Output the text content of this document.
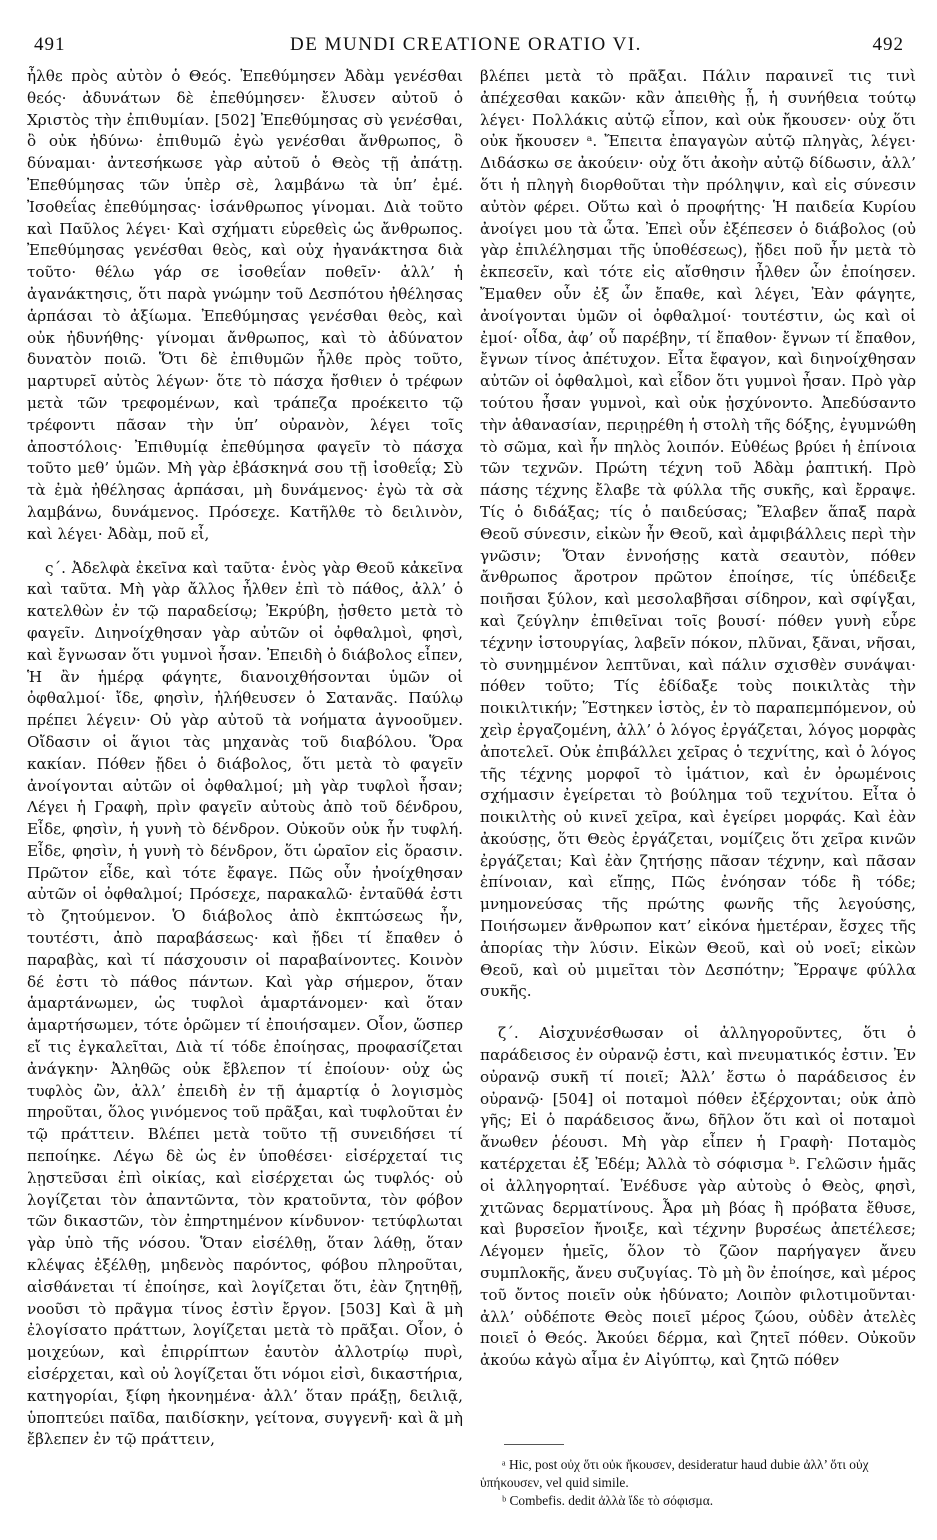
491	DE MUNDI CREATIONE ORATIO VI.	492

ἦλθε πρὸς αὐτὸν ὁ Θεός. Ἐπεθύμησεν Ἀδὰμ γενέσθαι θεός· ἀδυνάτων δὲ ἐπεθύμησεν· ἔλυσεν αὐτοῦ ὁ Χριστὸς τὴν ἐπιθυμίαν. [502] Ἐπεθύμησας σὺ γενέσθαι, ὃ οὐκ ἠδύνω· ἐπιθυμῶ ἐγὼ γενέσθαι ἄνθρωπος, ὃ δύναμαι· ἀντεσήκωσε γὰρ αὐτοῦ ὁ Θεὸς τῇ ἀπάτῃ. Ἐπεθύμησας τῶν ὑπὲρ σὲ, λαμβάνω τὰ ὑπ’ ἐμέ. Ἰσοθεΐας ἐπεθύμησας· ἰσάνθρωπος γίνομαι. Διὰ τοῦτο καὶ Παῦλος λέγει· Καὶ σχήματι εὑρεθεὶς ὡς ἄνθρωπος. Ἐπεθύμησας γενέσθαι θεὸς, καὶ οὐχ ἠγανάκτησα διὰ τοῦτο· θέλω γάρ σε ἰσοθεΐαν ποθεῖν· ἀλλ’ ἡ ἀγανάκτησις, ὅτι παρὰ γνώμην τοῦ Δεσπότου ἠθέλησας ἁρπάσαι τὸ ἀξίωμα. Ἐπεθύμησας γενέσθαι θεὸς, καὶ οὐκ ἠδυνήθης· γίνομαι ἄνθρωπος, καὶ τὸ ἀδύνατον δυνατὸν ποιῶ. Ὅτι δὲ ἐπιθυμῶν ἦλθε πρὸς τοῦτο, μαρτυρεῖ αὐτὸς λέγων· ὅτε τὸ πάσχα ἤσθιεν ὁ τρέφων μετὰ τῶν τρεφομένων, καὶ τράπεζα προέκειτο τῷ τρέφοντι πᾶσαν τὴν ὑπ’ οὐρανὸν, λέγει τοῖς ἀποστόλοις· Ἐπιθυμίᾳ ἐπεθύμησα φαγεῖν τὸ πάσχα τοῦτο μεθ’ ὑμῶν. Μὴ γὰρ ἐβάσκηνά σου τῇ ἰσοθεΐᾳ; Σὺ τὰ ἐμὰ ἠθέλησας ἁρπάσαι, μὴ δυνάμενος· ἐγὼ τὰ σὰ λαμβάνω, δυνάμενος. Πρόσεχε. Κατῆλθε τὸ δειλινὸν, καὶ λέγει· Ἀδὰμ, ποῦ εἶ,

ς΄. Ἀδελφὰ ἐκεῖνα καὶ ταῦτα· ἑνὸς γὰρ Θεοῦ κἀκεῖνα καὶ ταῦτα. Μὴ γὰρ ἄλλος ἦλθεν ἐπὶ τὸ πάθος, ἀλλ’ ὁ κατελθὼν ἐν τῷ παραδείσῳ; Ἐκρύβη, ᾐσθετο μετὰ τὸ φαγεῖν. Διηνοίχθησαν γὰρ αὐτῶν οἱ ὀφθαλμοὶ, φησὶ, καὶ ἔγνωσαν ὅτι γυμνοὶ ἦσαν. Ἐπειδὴ ὁ διάβολος εἶπεν, Ἡ ἂν ἡμέρᾳ φάγητε, διανοιχθήσονται ὑμῶν οἱ ὀφθαλμοί· ἴδε, φησὶν, ἠλήθευσεν ὁ Σατανᾶς. Παύλῳ πρέπει λέγειν· Οὐ γὰρ αὐτοῦ τὰ νοήματα ἀγνοοῦμεν. Οἴδασιν οἱ ἅγιοι τὰς μηχανὰς τοῦ διαβόλου. Ὅρα κακίαν. Πόθεν ᾔδει ὁ διάβολος, ὅτι μετὰ τὸ φαγεῖν ἀνοίγονται αὐτῶν οἱ ὀφθαλμοί; μὴ γὰρ τυφλοὶ ἦσαν; Λέγει ἡ Γραφὴ, πρὶν φαγεῖν αὐτοὺς ἀπὸ τοῦ δένδρου, Εἶδε, φησὶν, ἡ γυνὴ τὸ δένδρον. Οὐκοῦν οὐκ ἦν τυφλή. Εἶδε, φησὶν, ἡ γυνὴ τὸ δένδρον, ὅτι ὡραῖον εἰς ὅρασιν. Πρῶτον εἶδε, καὶ τότε ἔφαγε. Πῶς οὖν ἠνοίχθησαν αὐτῶν οἱ ὀφθαλμοί; Πρόσεχε, παρακαλῶ· ἐνταῦθά ἐστι τὸ ζητούμενον. Ὁ διάβολος ἀπὸ ἐκπτώσεως ἦν, τουτέστι, ἀπὸ παραβάσεως· καὶ ᾔδει τί ἔπαθεν ὁ παραβὰς, καὶ τί πάσχουσιν οἱ παραβαίνοντες. Κοινὸν δέ ἐστι τὸ πάθος πάντων. Καὶ γὰρ σήμερον, ὅταν ἁμαρτάνωμεν, ὡς τυφλοὶ ἁμαρτάνομεν· καὶ ὅταν ἁμαρτήσωμεν, τότε ὁρῶμεν τί ἐποιήσαμεν. Οἷον, ὥσπερ εἴ τις ἐγκαλεῖται, Διὰ τί τόδε ἐποίησας, προφασίζεται ἀνάγκην· Ἀληθῶς οὐκ ἔβλεπον τί ἐποίουν· οὐχ ὡς τυφλὸς ὢν, ἀλλ’ ἐπειδὴ ἐν τῇ ἁμαρτίᾳ ὁ λογισμὸς πηροῦται, ὅλος γινόμενος τοῦ πρᾶξαι, καὶ τυφλοῦται ἐν τῷ πράττειν. Βλέπει μετὰ τοῦτο τῇ συνειδήσει τί πεποίηκε. Λέγω δὲ ὡς ἐν ὑποθέσει· εἰσέρχεταί τις λῃστεῦσαι ἐπὶ οἰκίας, καὶ εἰσέρχεται ὡς τυφλός· οὐ λογίζεται τὸν ἀπαντῶντα, τὸν κρατοῦντα, τὸν φόβον τῶν δικαστῶν, τὸν ἐπηρτημένον κίνδυνον· τετύφλωται γὰρ ὑπὸ τῆς νόσου. Ὅταν εἰσέλθῃ, ὅταν λάθῃ, ὅταν κλέψας ἐξέλθῃ, μηδενὸς παρόντος, φόβου πληροῦται, αἰσθάνεται τί ἐποίησε, καὶ λογίζεται ὅτι, ἐὰν ζητηθῇ, νοοῦσι τὸ πρᾶγμα τίνος ἐστὶν ἔργον. [503] Καὶ ἃ μὴ ἐλογίσατο πράττων, λογίζεται μετὰ τὸ πρᾶξαι. Οἷον, ὁ μοιχεύων, καὶ ἐπιρρίπτων ἑαυτὸν ἀλλοτρίῳ πυρὶ, εἰσέρχεται, καὶ οὐ λογίζεται ὅτι νόμοι εἰσὶ, δικαστήρια, κατηγορίαι, ξίφη ἠκονημένα· ἀλλ’ ὅταν πράξῃ, δειλιᾷ, ὑποπτεύει παῖδα, παιδίσκην, γείτονα, συγγενῆ· καὶ ἃ μὴ ἔβλεπεν ἐν τῷ πράττειν,

βλέπει μετὰ τὸ πρᾶξαι. Πάλιν παραινεῖ τις τινὶ ἀπέχεσθαι κακῶν· κἂν ἀπειθὴς ᾖ, ἡ συνήθεια τούτῳ λέγει· Πολλάκις αὐτῷ εἶπον, καὶ οὐκ ἤκουσεν· οὐχ ὅτι οὐκ ἤκουσεν ᵃ. Ἔπειτα ἐπαγαγὼν αὐτῷ πληγὰς, λέγει· Διδάσκω σε ἀκούειν· οὐχ ὅτι ἀκοὴν αὐτῷ δίδωσιν, ἀλλ’ ὅτι ἡ πληγὴ διορθοῦται τὴν πρόληψιν, καὶ εἰς σύνεσιν αὐτὸν φέρει. Οὕτω καὶ ὁ προφήτης· Ἡ παιδεία Κυρίου ἀνοίγει μου τὰ ὦτα. Ἐπεὶ οὖν ἐξέπεσεν ὁ διάβολος (οὐ γὰρ ἐπιλέλησμαι τῆς ὑποθέσεως), ᾔδει ποῦ ἦν μετὰ τὸ ἐκπεσεῖν, καὶ τότε εἰς αἴσθησιν ἦλθεν ὧν ἐποίησεν. Ἔμαθεν οὖν ἐξ ὧν ἔπαθε, καὶ λέγει, Ἐὰν φάγητε, ἀνοίγονται ὑμῶν οἱ ὀφθαλμοί· τουτέστιν, ὡς καὶ οἱ ἐμοί· οἶδα, ἀφ’ οὗ παρέβην, τί ἔπαθον· ἔγνων τί ἔπαθον, ἔγνων τίνος ἀπέτυχον. Εἶτα ἔφαγον, καὶ διηνοίχθησαν αὐτῶν οἱ ὀφθαλμοὶ, καὶ εἶδον ὅτι γυμνοὶ ἦσαν. Πρὸ γὰρ τούτου ἦσαν γυμνοὶ, καὶ οὐκ ᾐσχύνοντο. Ἀπεδύσαντο τὴν ἀθανασίαν, περιῃρέθη ἡ στολὴ τῆς δόξης, ἐγυμνώθη τὸ σῶμα, καὶ ἦν πηλὸς λοιπόν. Εὐθέως βρύει ἡ ἐπίνοια τῶν τεχνῶν. Πρώτη τέχνη τοῦ Ἀδὰμ ῥαπτική. Πρὸ πάσης τέχνης ἔλαβε τὰ φύλλα τῆς συκῆς, καὶ ἔρραψε. Τίς ὁ διδάξας; τίς ὁ παιδεύσας; Ἔλαβεν ἅπαξ παρὰ Θεοῦ σύνεσιν, εἰκὼν ἦν Θεοῦ, καὶ ἀμφιβάλλεις περὶ τὴν γνῶσιν; Ὅταν ἐννοήσῃς κατὰ σεαυτὸν, πόθεν ἄνθρωπος ἄροτρον πρῶτον ἐποίησε, τίς ὑπέδειξε ποιῆσαι ξύλον, καὶ μεσολαβῆσαι σίδηρον, καὶ σφίγξαι, καὶ ζεύγλην ἐπιθεῖναι τοῖς βουσί· πόθεν γυνὴ εὗρε τέχνην ἱστουργίας, λαβεῖν πόκον, πλῦναι, ξᾶναι, νῆσαι, τὸ συνημμένον λεπτῦναι, καὶ πάλιν σχισθὲν συνάψαι· πόθεν τοῦτο; Τίς ἐδίδαξε τοὺς ποικιλτὰς τὴν ποικιλτικήν; Ἕστηκεν ἱστὸς, ἐν τὸ παραπεμπόμενον, οὐ χεὶρ ἐργαζομένη, ἀλλ’ ὁ λόγος ἐργάζεται, λόγος μορφὰς ἀποτελεῖ. Οὐκ ἐπιβάλλει χεῖρας ὁ τεχνίτης, καὶ ὁ λόγος τῆς τέχνης μορφοῖ τὸ ἱμάτιον, καὶ ἐν ὀρωμένοις σχήμασιν ἐγείρεται τὸ βούλημα τοῦ τεχνίτου. Εἶτα ὁ ποικιλτὴς οὐ κινεῖ χεῖρα, καὶ ἐγείρει μορφάς. Καὶ ἐὰν ἀκούσῃς, ὅτι Θεὸς ἐργάζεται, νομίζεις ὅτι χεῖρα κινῶν ἐργάζεται; Καὶ ἐὰν ζητήσῃς πᾶσαν τέχνην, καὶ πᾶσαν ἐπίνοιαν, καὶ εἴπῃς, Πῶς ἐνόησαν τόδε ἢ τόδε; μνημονεύσας τῆς πρώτης φωνῆς τῆς λεγούσης, Ποιήσωμεν ἄνθρωπον κατ’ εἰκόνα ἡμετέραν, ἔσχες τῆς ἀπορίας τὴν λύσιν. Εἰκὼν Θεοῦ, καὶ οὐ νοεῖ; εἰκὼν Θεοῦ, καὶ οὐ μιμεῖται τὸν Δεσπότην; Ἔρραψε φύλλα συκῆς.

ζ΄. Αἰσχυνέσθωσαν οἱ ἀλληγοροῦντες, ὅτι ὁ παράδεισος ἐν οὐρανῷ ἐστι, καὶ πνευματικός ἐστιν. Ἐν οὐρανῷ συκῆ τί ποιεῖ; Ἀλλ’ ἔστω ὁ παράδεισος ἐν οὐρανῷ· [504] οἱ ποταμοὶ πόθεν ἐξέρχονται; οὐκ ἀπὸ γῆς; Εἰ ὁ παράδεισος ἄνω, δῆλον ὅτι καὶ οἱ ποταμοὶ ἄνωθεν ῥέουσι. Μὴ γὰρ εἶπεν ἡ Γραφὴ· Ποταμὸς κατέρχεται ἐξ Ἐδέμ; Ἀλλὰ τὸ σόφισμα ᵇ. Γελῶσιν ἡμᾶς οἱ ἀλληγορηταί. Ἐνέδυσε γὰρ αὐτοὺς ὁ Θεὸς, φησὶ, χιτῶνας δερματίνους. Ἆρα μὴ βόας ἢ πρόβατα ἔθυσε, καὶ βυρσεῖον ἤνοιξε, καὶ τέχνην βυρσέως ἀπετέλεσε; Λέγομεν ἡμεῖς, ὅλον τὸ ζῶον παρήγαγεν ἄνευ συμπλοκῆς, ἄνευ συζυγίας. Τὸ μὴ ὂν ἐποίησε, καὶ μέρος τοῦ ὄντος ποιεῖν οὐκ ἠδύνατο; Λοιπὸν φιλοτιμοῦνται· ἀλλ’ οὐδέποτε Θεὸς ποιεῖ μέρος ζώου, οὐδὲν ἀτελὲς ποιεῖ ὁ Θεός. Ἀκούει δέρμα, καὶ ζητεῖ πόθεν. Οὐκοῦν ἀκούω κἀγὼ αἷμα ἐν Αἰγύπτῳ, καὶ ζητῶ πόθεν

ᵃ Hic, post οὐχ ὅτι οὐκ ἤκουσεν, desideratur haud dubie ἀλλ’ ὅτι οὐχ ὑπήκουσεν, vel quid simile.

ᵇ Combefis. dedit ἀλλὰ ἴδε τὸ σόφισμα.
